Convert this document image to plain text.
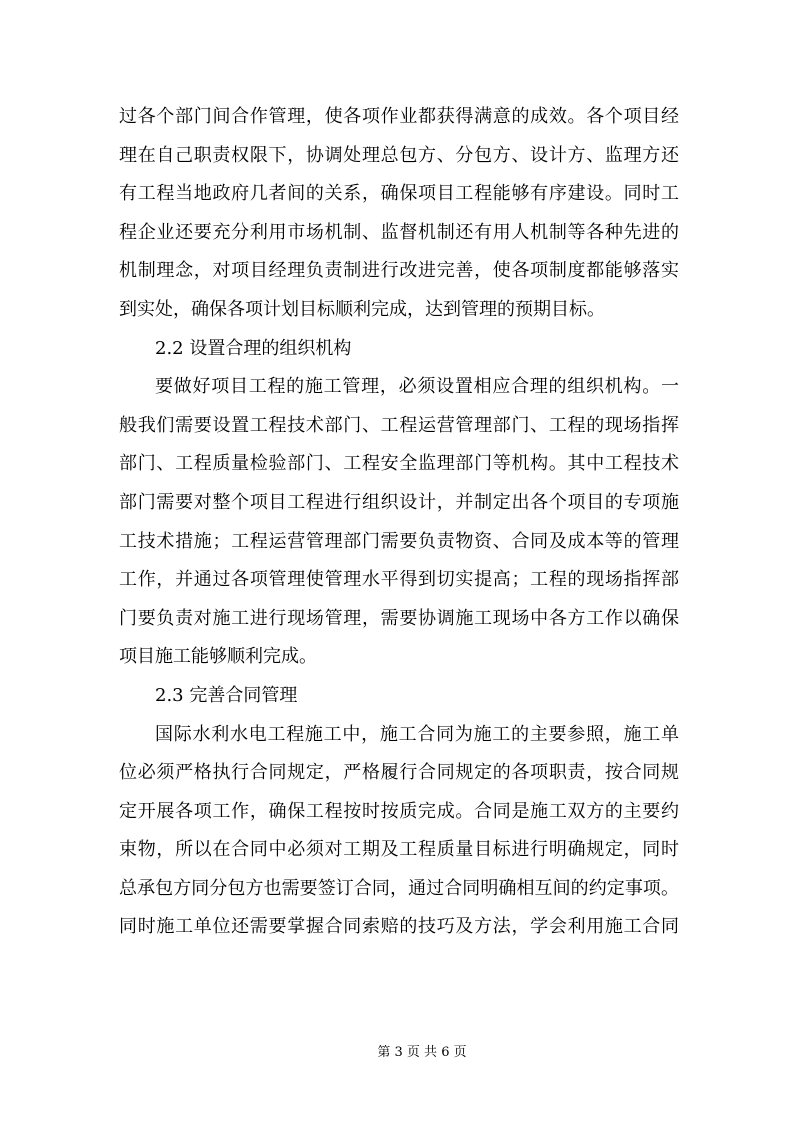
过各个部门间合作管理，使各项作业都获得满意的成效。各个项目经
理在自己职责权限下，协调处理总包方、分包方、设计方、监理方还
有工程当地政府几者间的关系，确保项目工程能够有序建设。同时工
程企业还要充分利用市场机制、监督机制还有用人机制等各种先进的
机制理念，对项目经理负责制进行改进完善，使各项制度都能够落实
到实处，确保各项计划目标顺利完成，达到管理的预期目标。
2.2 设置合理的组织机构
要做好项目工程的施工管理，必须设置相应合理的组织机构。一
般我们需要设置工程技术部门、工程运营管理部门、工程的现场指挥
部门、工程质量检验部门、工程安全监理部门等机构。其中工程技术
部门需要对整个项目工程进行组织设计，并制定出各个项目的专项施
工技术措施；工程运营管理部门需要负责物资、合同及成本等的管理
工作，并通过各项管理使管理水平得到切实提高；工程的现场指挥部
门要负责对施工进行现场管理，需要协调施工现场中各方工作以确保
项目施工能够顺利完成。
2.3 完善合同管理
国际水利水电工程施工中，施工合同为施工的主要参照，施工单
位必须严格执行合同规定，严格履行合同规定的各项职责，按合同规
定开展各项工作，确保工程按时按质完成。合同是施工双方的主要约
束物，所以在合同中必须对工期及工程质量目标进行明确规定，同时
总承包方同分包方也需要签订合同，通过合同明确相互间的约定事项。
同时施工单位还需要掌握合同索赔的技巧及方法，学会利用施工合同
第 3 页 共 6 页
